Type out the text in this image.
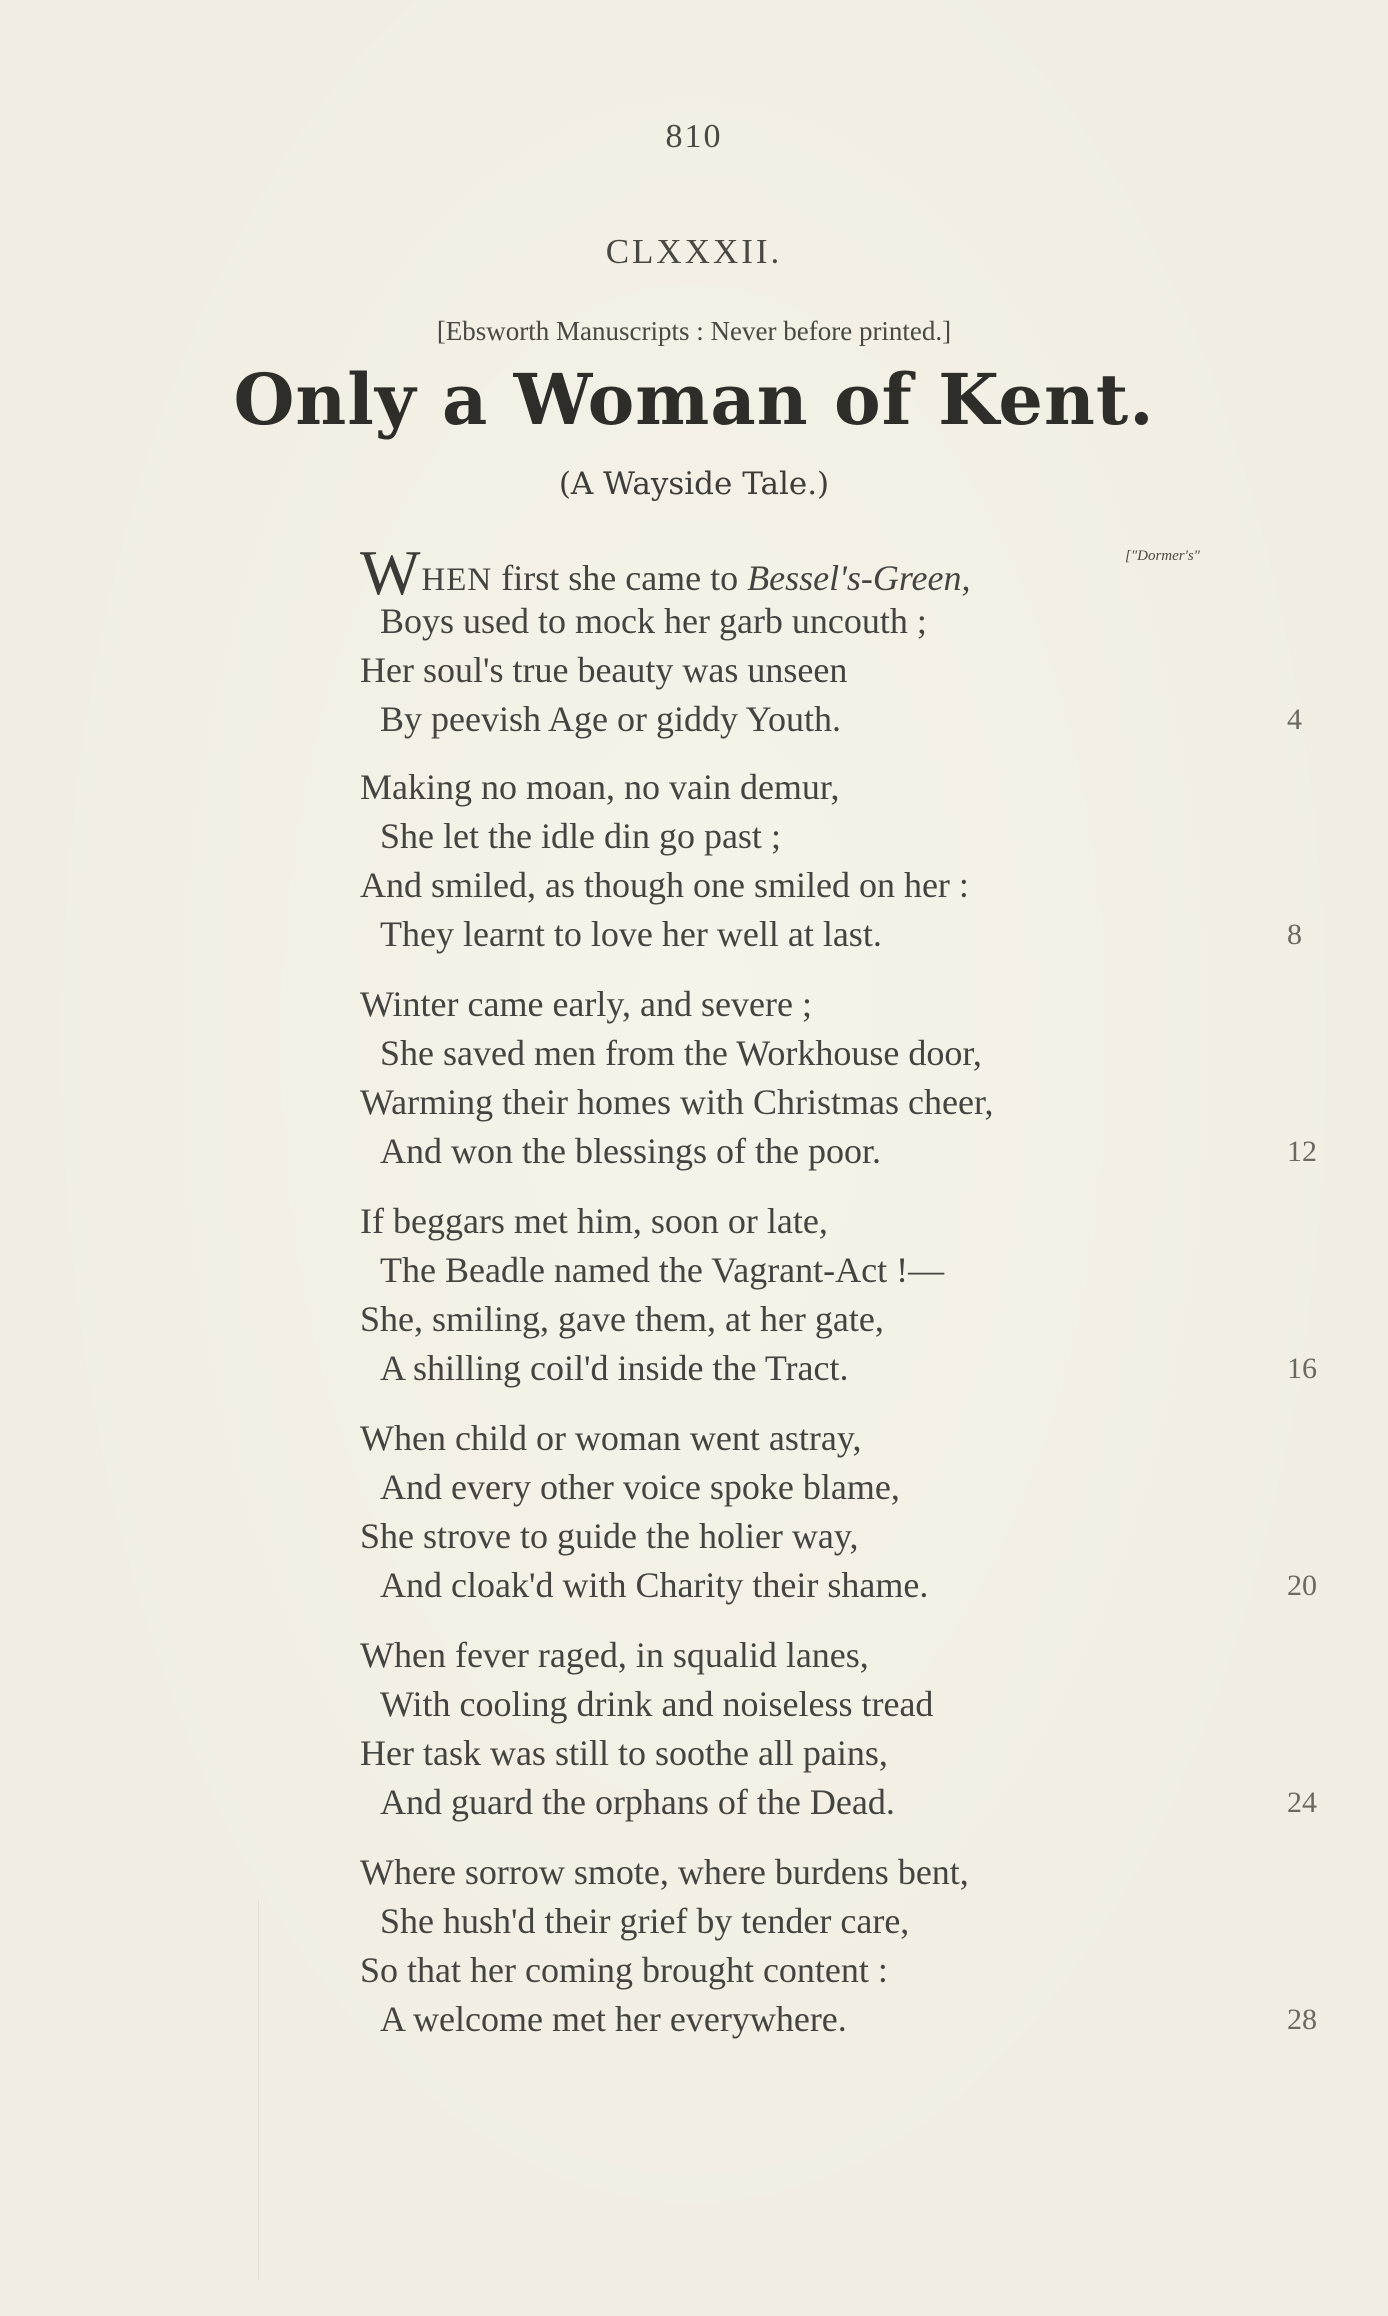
810
CLXXXII.
[Ebsworth Manuscripts : Never before printed.]
Only a Woman of Kent.
(A Wayside Tale.)
["Dormer's"
WHEN first she came to Bessel's-Green,
Boys used to mock her garb uncouth ;
Her soul's true beauty was unseen
By peevish Age or giddy Youth.	4
Making no moan, no vain demur,
She let the idle din go past ;
And smiled, as though one smiled on her :
They learnt to love her well at last.	8
Winter came early, and severe ;
She saved men from the Workhouse door,
Warming their homes with Christmas cheer,
And won the blessings of the poor.	12
If beggars met him, soon or late,
The Beadle named the Vagrant-Act !—
She, smiling, gave them, at her gate,
A shilling coil'd inside the Tract.	16
When child or woman went astray,
And every other voice spoke blame,
She strove to guide the holier way,
And cloak'd with Charity their shame.	20
When fever raged, in squalid lanes,
With cooling drink and noiseless tread
Her task was still to soothe all pains,
And guard the orphans of the Dead.	24
Where sorrow smote, where burdens bent,
She hush'd their grief by tender care,
So that her coming brought content :
A welcome met her everywhere.	28
